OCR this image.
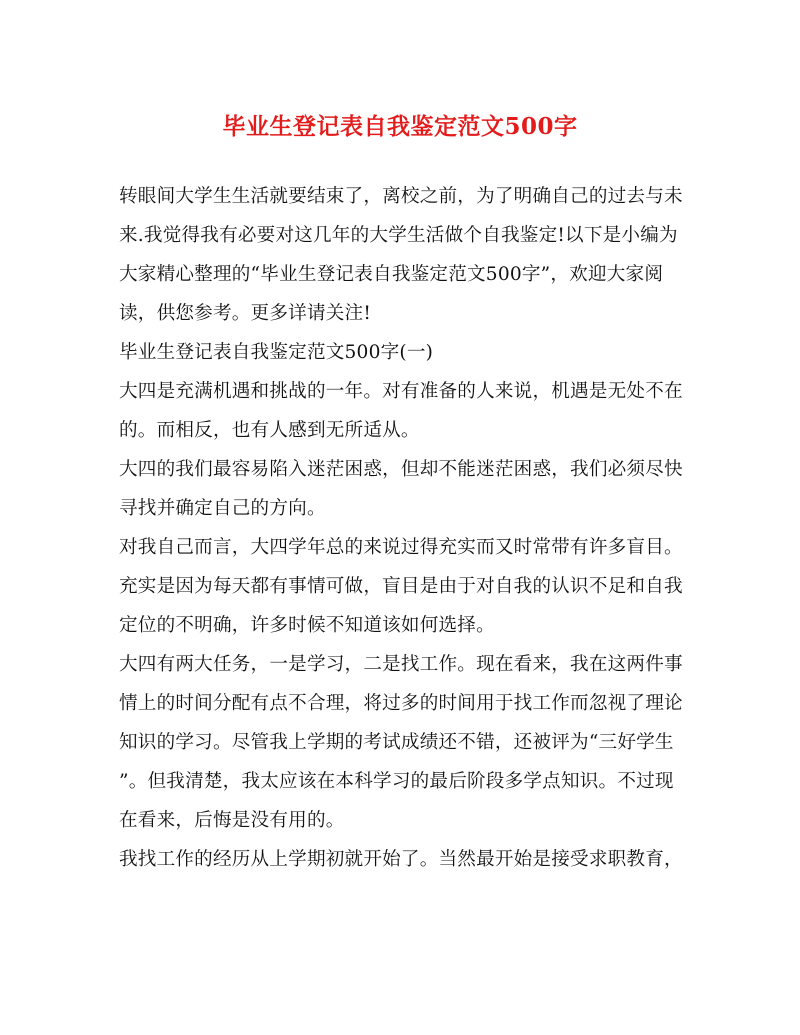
毕业生登记表自我鉴定范文500字
转眼间大学生生活就要结束了，离校之前，为了明确自己的过去与未
来.我觉得我有必要对这几年的大学生活做个自我鉴定!以下是小编为
大家精心整理的“毕业生登记表自我鉴定范文500字”，欢迎大家阅
读，供您参考。更多详请关注!
毕业生登记表自我鉴定范文500字(一)
大四是充满机遇和挑战的一年。对有准备的人来说，机遇是无处不在
的。而相反，也有人感到无所适从。
大四的我们最容易陷入迷茫困惑，但却不能迷茫困惑，我们必须尽快
寻找并确定自己的方向。
对我自己而言，大四学年总的来说过得充实而又时常带有许多盲目。
充实是因为每天都有事情可做，盲目是由于对自我的认识不足和自我
定位的不明确，许多时候不知道该如何选择。
大四有两大任务，一是学习，二是找工作。现在看来，我在这两件事
情上的时间分配有点不合理，将过多的时间用于找工作而忽视了理论
知识的学习。尽管我上学期的考试成绩还不错，还被评为“三好学生
”。但我清楚，我太应该在本科学习的最后阶段多学点知识。不过现
在看来，后悔是没有用的。
我找工作的经历从上学期初就开始了。当然最开始是接受求职教育，
